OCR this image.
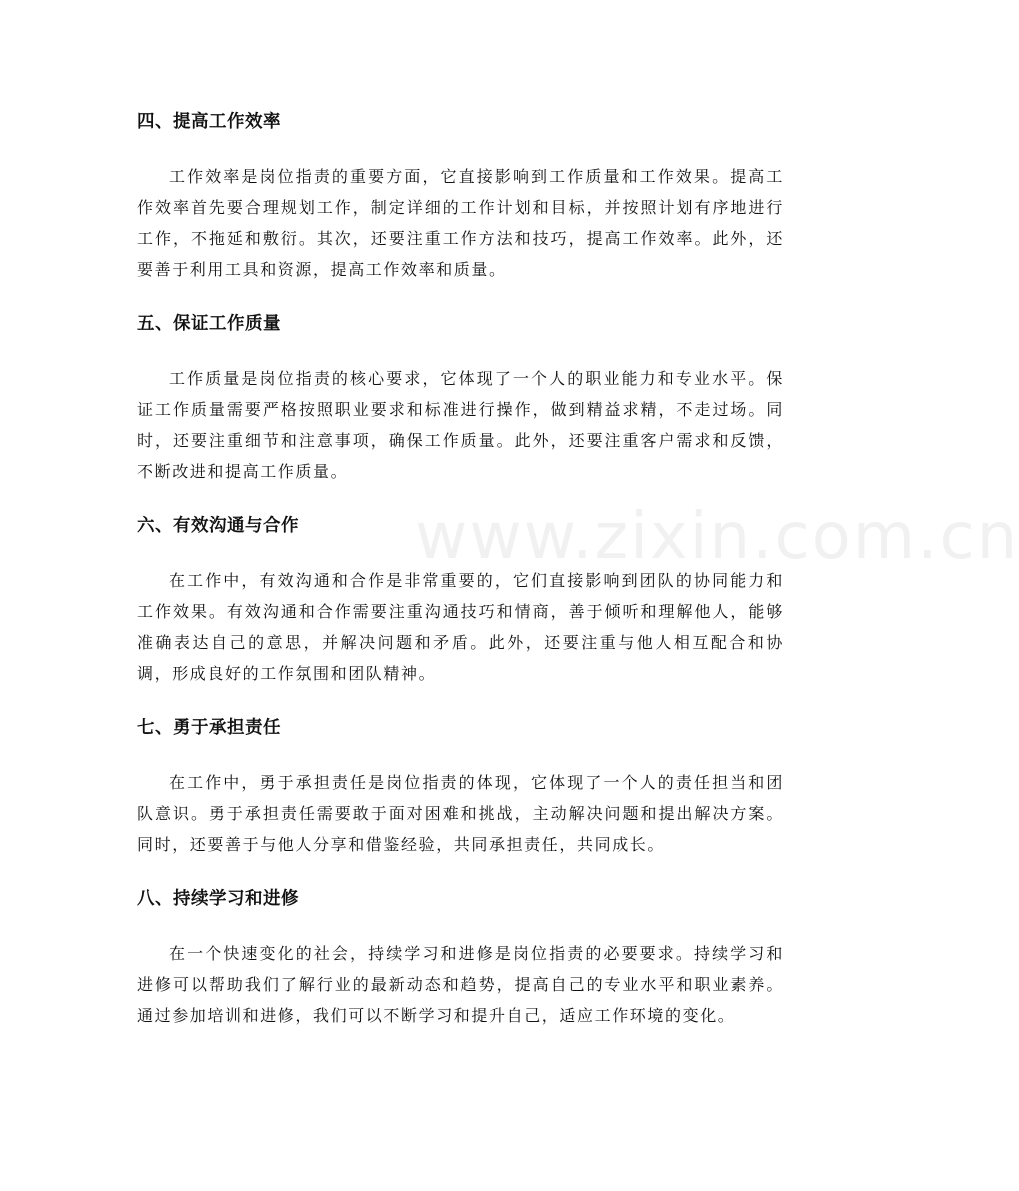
四、提高工作效率

工作效率是岗位指责的重要方面，它直接影响到工作质量和工作效果。提高工作效率首先要合理规划工作，制定详细的工作计划和目标，并按照计划有序地进行工作，不拖延和敷衍。其次，还要注重工作方法和技巧，提高工作效率。此外，还要善于利用工具和资源，提高工作效率和质量。

五、保证工作质量

工作质量是岗位指责的核心要求，它体现了一个人的职业能力和专业水平。保证工作质量需要严格按照职业要求和标准进行操作，做到精益求精，不走过场。同时，还要注重细节和注意事项，确保工作质量。此外，还要注重客户需求和反馈，不断改进和提高工作质量。

六、有效沟通与合作

在工作中，有效沟通和合作是非常重要的，它们直接影响到团队的协同能力和工作效果。有效沟通和合作需要注重沟通技巧和情商，善于倾听和理解他人，能够准确表达自己的意思，并解决问题和矛盾。此外，还要注重与他人相互配合和协调，形成良好的工作氛围和团队精神。

七、勇于承担责任

在工作中，勇于承担责任是岗位指责的体现，它体现了一个人的责任担当和团队意识。勇于承担责任需要敢于面对困难和挑战，主动解决问题和提出解决方案。同时，还要善于与他人分享和借鉴经验，共同承担责任，共同成长。

八、持续学习和进修

在一个快速变化的社会，持续学习和进修是岗位指责的必要要求。持续学习和进修可以帮助我们了解行业的最新动态和趋势，提高自己的专业水平和职业素养。通过参加培训和进修，我们可以不断学习和提升自己，适应工作环境的变化。

www.zixin.com.cn
